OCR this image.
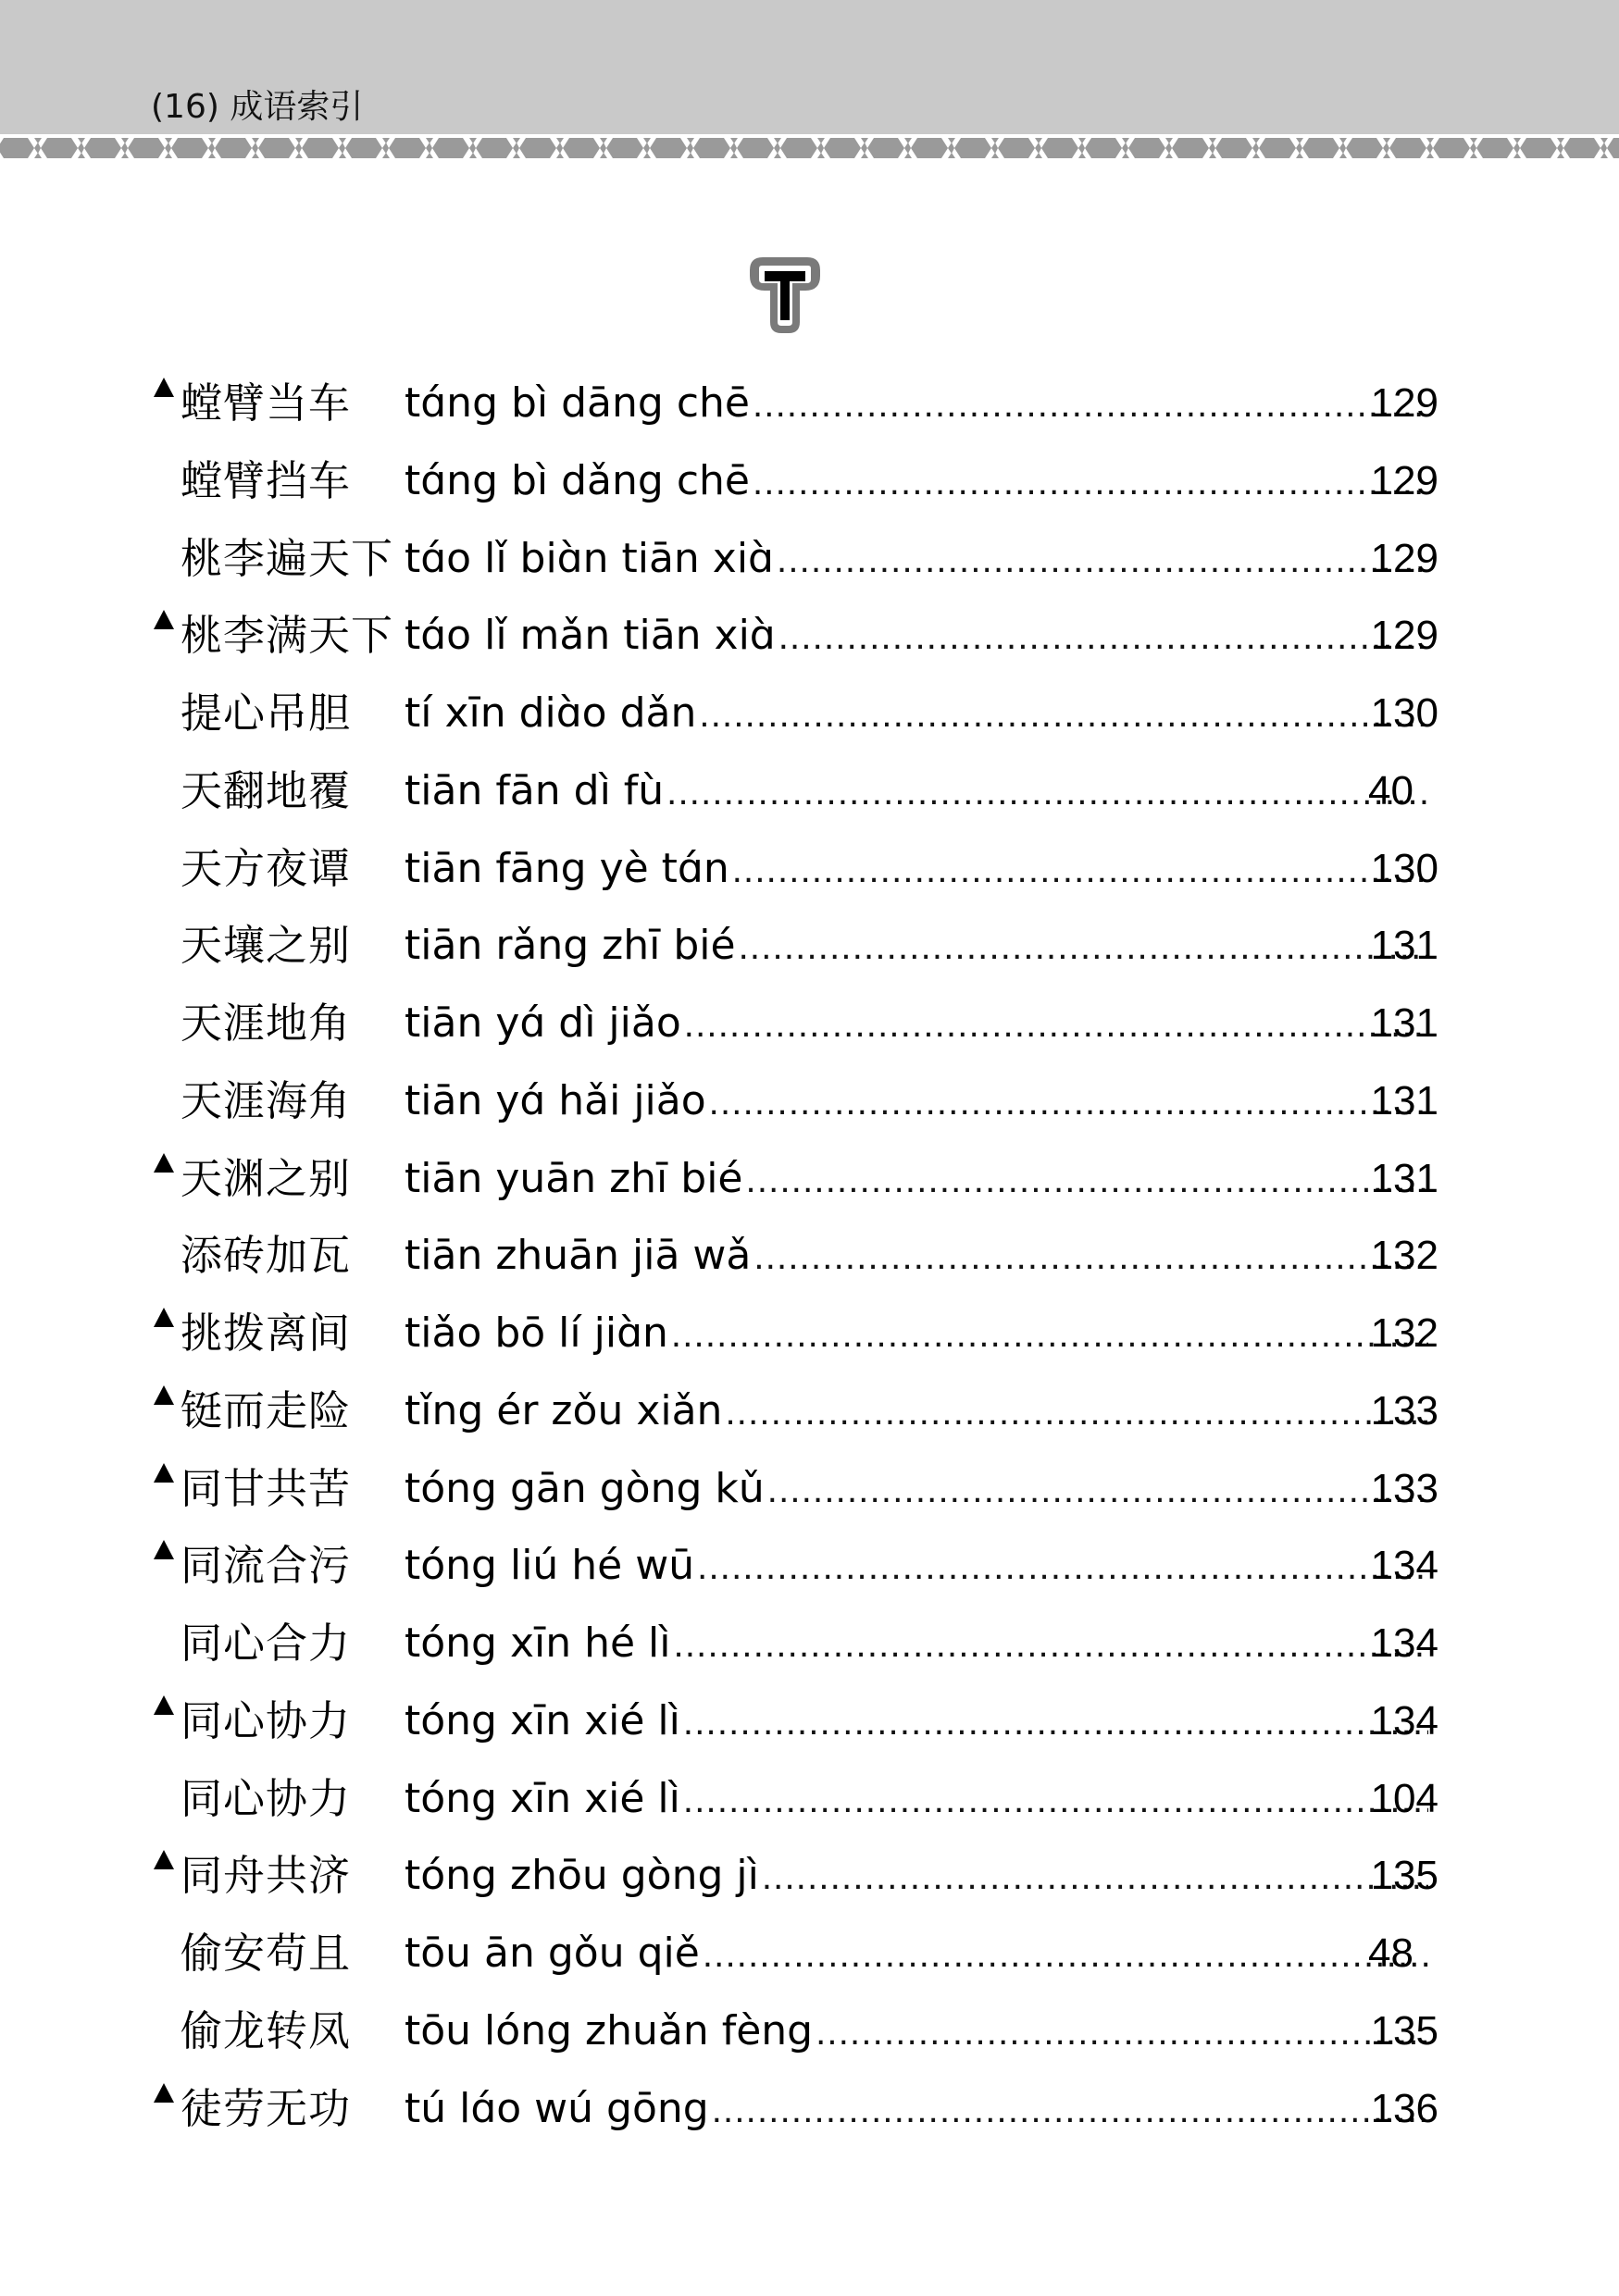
(16) 成语索引
螳臂当车 tɑ́ng bì dāng chē .....	129
螳臂挡车 tɑ́ng bì dǎng chē .....	129
桃李遍天下 tɑ́o lǐ biɑ̀n tiān xiɑ̀ .....	129
桃李满天下 tɑ́o lǐ mǎn tiān xiɑ̀ .....	129
提心吊胆 tí xīn diɑ̀o dǎn .....	130
天翻地覆 tiān fān dì fù .....	40
天方夜谭 tiān fāng yè tɑ́n .....	130
天壤之别 tiān rǎng zhī bié .....	131
天涯地角 tiān yɑ́ dì jiǎo .....	131
天涯海角 tiān yɑ́ hǎi jiǎo .....	131
天渊之别 tiān yuān zhī bié .....	131
添砖加瓦 tiān zhuān jiā wǎ .....	132
挑拨离间 tiǎo bō lí jiɑ̀n .....	132
铤而走险 tǐng ér zǒu xiǎn .....	133
同甘共苦 tóng gān gòng kǔ .....	133
同流合污 tóng liú hé wū .....	134
同心合力 tóng xīn hé lì .....	134
同心协力 tóng xīn xié lì .....	134
同心协力 tóng xīn xié lì .....	104
同舟共济 tóng zhōu gòng jì .....	135
偷安苟且 tōu ān gǒu qiě .....	48
偷龙转凤 tōu lóng zhuǎn fèng .....	135
徒劳无功 tú lɑ́o wú gōng .....	136
